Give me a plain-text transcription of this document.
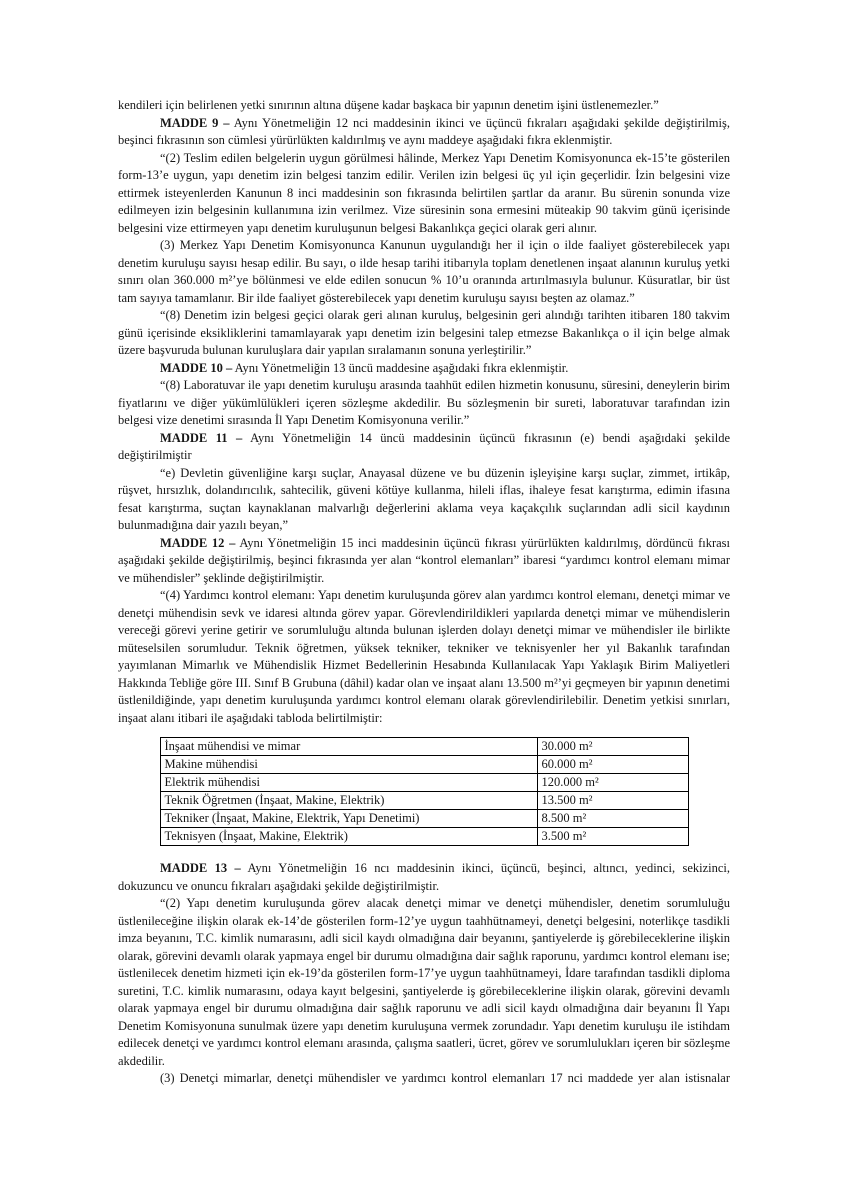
kendileri için belirlenen yetki sınırının altına düşene kadar başkaca bir yapının denetim işini üstlenemezler.”

MADDE 9 – Aynı Yönetmeliğin 12 nci maddesinin ikinci ve üçüncü fıkraları aşağıdaki şekilde değiştirilmiş, beşinci fıkrasının son cümlesi yürürlükten kaldırılmış ve aynı maddeye aşağıdaki fıkra eklenmiştir.

“(2) Teslim edilen belgelerin uygun görülmesi hâlinde, Merkez Yapı Denetim Komisyonunca ek-15’te gösterilen form-13’e uygun, yapı denetim izin belgesi tanzim edilir. Verilen izin belgesi üç yıl için geçerlidir. İzin belgesini vize ettirmek isteyenlerden Kanunun 8 inci maddesinin son fıkrasında belirtilen şartlar da aranır. Bu sürenin sonunda vize edilmeyen izin belgesinin kullanımına izin verilmez. Vize süresinin sona ermesini müteakip 90 takvim günü içerisinde belgesini vize ettirmeyen yapı denetim kuruluşunun belgesi Bakanlıkça geçici olarak geri alınır.

(3) Merkez Yapı Denetim Komisyonunca Kanunun uygulandığı her il için o ilde faaliyet gösterebilecek yapı denetim kuruluşu sayısı hesap edilir. Bu sayı, o ilde hesap tarihi itibarıyla toplam denetlenen inşaat alanının kuruluş yetki sınırı olan 360.000 m²’ye bölünmesi ve elde edilen sonucun % 10’u oranında artırılmasıyla bulunur. Küsuratlar, bir üst tam sayıya tamamlanır. Bir ilde faaliyet gösterebilecek yapı denetim kuruluşu sayısı beşten az olamaz.”

“(8) Denetim izin belgesi geçici olarak geri alınan kuruluş, belgesinin geri alındığı tarihten itibaren 180 takvim günü içerisinde eksikliklerini tamamlayarak yapı denetim izin belgesini talep etmezse Bakanlıkça o il için belge almak üzere başvuruda bulunan kuruluşlara dair yapılan sıralamanın sonuna yerleştirilir.”

MADDE 10 – Aynı Yönetmeliğin 13 üncü maddesine aşağıdaki fıkra eklenmiştir.

“(8) Laboratuvar ile yapı denetim kuruluşu arasında taahhüt edilen hizmetin konusunu, süresini, deneylerin birim fiyatlarını ve diğer yükümlülükleri içeren sözleşme akdedilir. Bu sözleşmenin bir sureti, laboratuvar tarafından izin belgesi vize denetimi sırasında İl Yapı Denetim Komisyonuna verilir.”

MADDE 11 – Aynı Yönetmeliğin 14 üncü maddesinin üçüncü fıkrasının (e) bendi aşağıdaki şekilde değiştirilmiştir

“e) Devletin güvenliğine karşı suçlar, Anayasal düzene ve bu düzenin işleyişine karşı suçlar, zimmet, irtikâp, rüşvet, hırsızlık, dolandırıcılık, sahtecilik, güveni kötüye kullanma, hileli iflas, ihaleye fesat karıştırma, edimin ifasına fesat karıştırma, suçtan kaynaklanan malvarlığı değerlerini aklama veya kaçakçılık suçlarından adli sicil kaydının bulunmadığına dair yazılı beyan,”

MADDE 12 – Aynı Yönetmeliğin 15 inci maddesinin üçüncü fıkrası yürürlükten kaldırılmış, dördüncü fıkrası aşağıdaki şekilde değiştirilmiş, beşinci fıkrasında yer alan “kontrol elemanları” ibaresi “yardımcı kontrol elemanı mimar ve mühendisler” şeklinde değiştirilmiştir.

“(4) Yardımcı kontrol elemanı: Yapı denetim kuruluşunda görev alan yardımcı kontrol elemanı, denetçi mimar ve denetçi mühendisin sevk ve idaresi altında görev yapar. Görevlendirildikleri yapılarda denetçi mimar ve mühendislerin vereceği görevi yerine getirir ve sorumluluğu altında bulunan işlerden dolayı denetçi mimar ve mühendisler ile birlikte müteselsilen sorumludur. Teknik öğretmen, yüksek tekniker, tekniker ve teknisyenler her yıl Bakanlık tarafından yayımlanan Mimarlık ve Mühendislik Hizmet Bedellerinin Hesabında Kullanılacak Yapı Yaklaşık Birim Maliyetleri Hakkında Tebliğe göre III. Sınıf B Grubuna (dâhil) kadar olan ve inşaat alanı 13.500 m²’yi geçmeyen bir yapının denetimi üstlenildiğinde, yapı denetim kuruluşunda yardımcı kontrol elemanı olarak görevlendirilebilir. Denetim yetkisi sınırları, inşaat alanı itibari ile aşağıdaki tabloda belirtilmiştir:

İnşaat mühendisi ve mimar	30.000 m²
Makine mühendisi	60.000 m²
Elektrik mühendisi	120.000 m²
Teknik Öğretmen (İnşaat, Makine, Elektrik)	13.500 m²
Tekniker (İnşaat, Makine, Elektrik, Yapı Denetimi)	8.500 m²
Teknisyen (İnşaat, Makine, Elektrik)	3.500 m²

MADDE 13 – Aynı Yönetmeliğin 16 ncı maddesinin ikinci, üçüncü, beşinci, altıncı, yedinci, sekizinci, dokuzuncu ve onuncu fıkraları aşağıdaki şekilde değiştirilmiştir.

“(2) Yapı denetim kuruluşunda görev alacak denetçi mimar ve denetçi mühendisler, denetim sorumluluğu üstlenileceğine ilişkin olarak ek-14’de gösterilen form-12’ye uygun taahhütnameyi, denetçi belgesini, noterlikçe tasdikli imza beyanını, T.C. kimlik numarasını, adli sicil kaydı olmadığına dair beyanını, şantiyelerde iş görebileceklerine ilişkin olarak, görevini devamlı olarak yapmaya engel bir durumu olmadığına dair sağlık raporunu, yardımcı kontrol elemanı ise; üstlenilecek denetim hizmeti için ek-19’da gösterilen form-17’ye uygun taahhütnameyi, İdare tarafından tasdikli diploma suretini, T.C. kimlik numarasını, odaya kayıt belgesini, şantiyelerde iş görebileceklerine ilişkin olarak, görevini devamlı olarak yapmaya engel bir durumu olmadığına dair sağlık raporunu ve adli sicil kaydı olmadığına dair beyanını İl Yapı Denetim Komisyonuna sunulmak üzere yapı denetim kuruluşuna vermek zorundadır. Yapı denetim kuruluşu ile istihdam edilecek denetçi ve yardımcı kontrol elemanı arasında, çalışma saatleri, ücret, görev ve sorumlulukları içeren bir sözleşme akdedilir.

(3) Denetçi mimarlar, denetçi mühendisler ve yardımcı kontrol elemanları 17 nci maddede yer alan istisnalar
